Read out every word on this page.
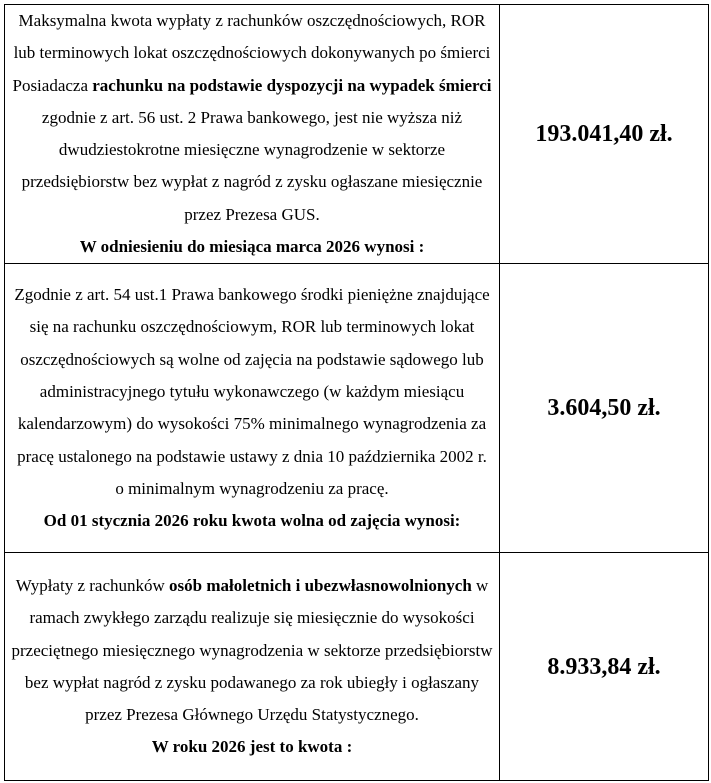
Maksymalna kwota wypłaty z rachunków oszczędnościowych, ROR lub terminowych lokat oszczędnościowych dokonywanych po śmierci Posiadacza rachunku na podstawie dyspozycji na wypadek śmierci zgodnie z art. 56 ust. 2 Prawa bankowego, jest nie wyższa niż dwudziestokrotne miesięczne wynagrodzenie w sektorze przedsiębiorstw bez wypłat z nagród z zysku ogłaszane miesięcznie przez Prezesa GUS.
W odniesieniu do miesiąca marca 2026 wynosi :	193.041,40 zł.

Zgodnie z art. 54 ust.1 Prawa bankowego środki pieniężne znajdujące się na rachunku oszczędnościowym, ROR lub terminowych lokat oszczędnościowych są wolne od zajęcia na podstawie sądowego lub administracyjnego tytułu wykonawczego (w każdym miesiącu kalendarzowym) do wysokości 75% minimalnego wynagrodzenia za pracę ustalonego na podstawie ustawy z dnia 10 października 2002 r. o minimalnym wynagrodzeniu za pracę.
Od 01 stycznia 2026 roku kwota wolna od zajęcia wynosi:	3.604,50 zł.

Wypłaty z rachunków osób małoletnich i ubezwłasnowolnionych w ramach zwykłego zarządu realizuje się miesięcznie do wysokości przeciętnego miesięcznego wynagrodzenia w sektorze przedsiębiorstw bez wypłat nagród z zysku podawanego za rok ubiegły i ogłaszany przez Prezesa Głównego Urzędu Statystycznego.
W roku 2026 jest to kwota :	8.933,84 zł.
